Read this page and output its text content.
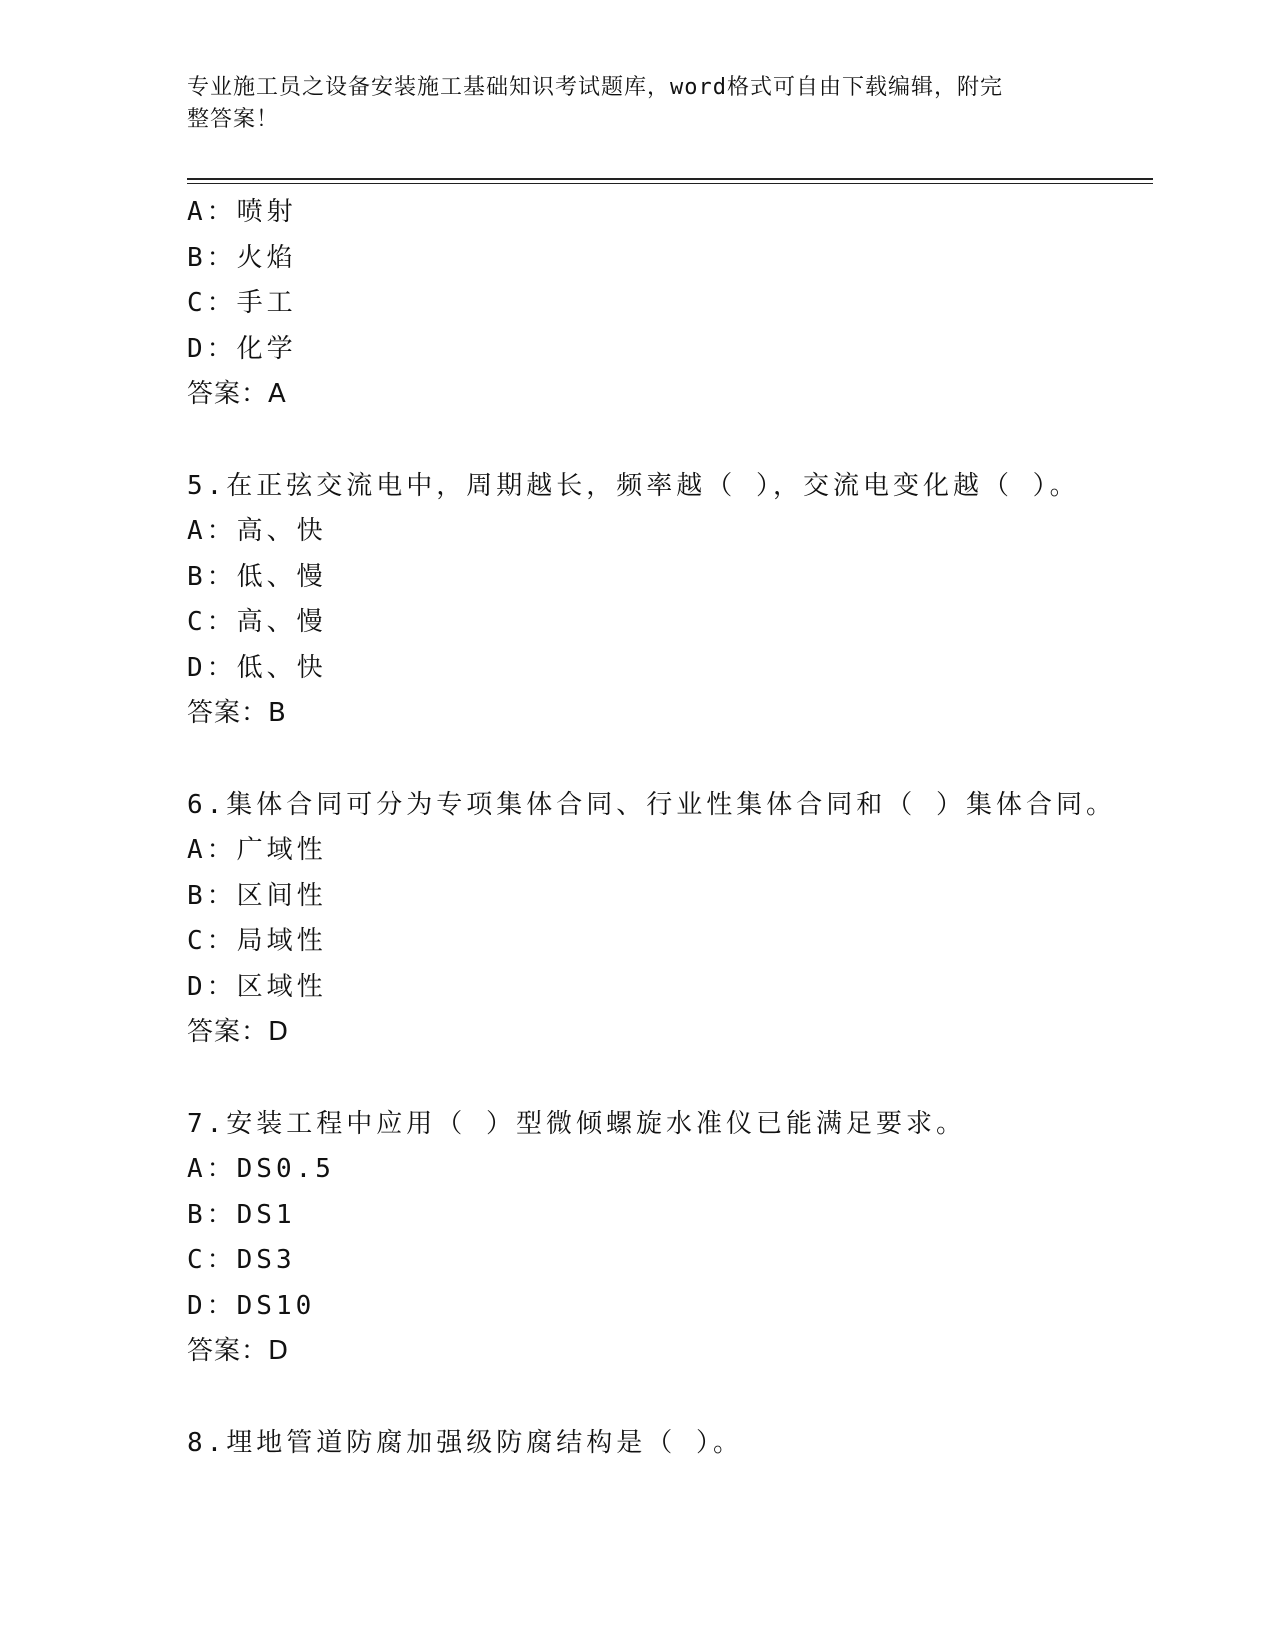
专业施工员之设备安装施工基础知识考试题库，word格式可自由下载编辑，附完
整答案！
A：喷射
B：火焰
C：手工
D：化学
答案：A
5.在正弦交流电中，周期越长，频率越（ ），交流电变化越（ ）。
A：高、快
B：低、慢
C：高、慢
D：低、快
答案：B
6.集体合同可分为专项集体合同、行业性集体合同和（ ）集体合同。
A：广域性
B：区间性
C：局域性
D：区域性
答案：D
7.安装工程中应用（ ）型微倾螺旋水准仪已能满足要求。
A：DS0.5
B：DS1
C：DS3
D：DS10
答案：D
8.埋地管道防腐加强级防腐结构是（ ）。
